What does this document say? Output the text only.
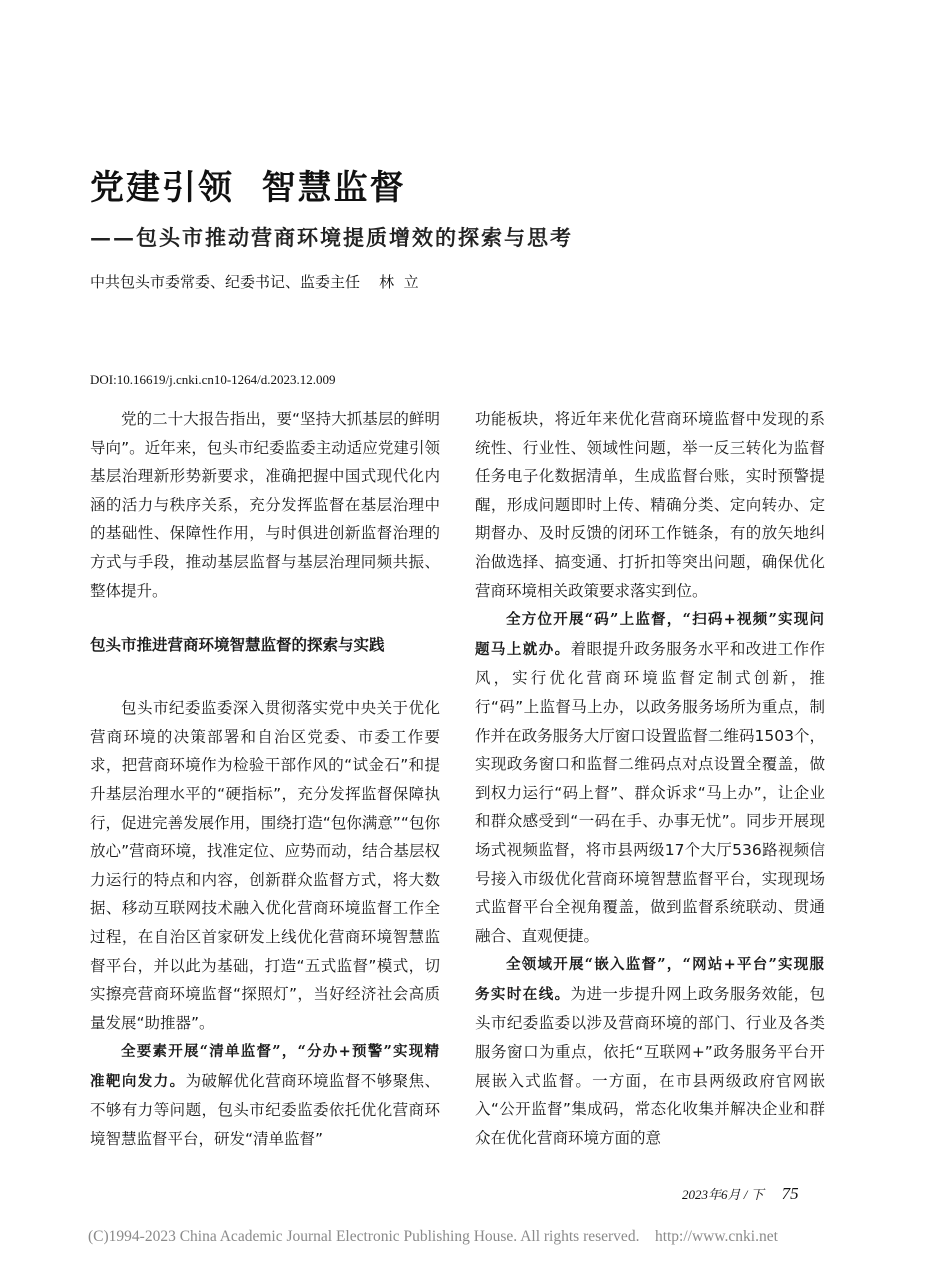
党建引领  智慧监督
——包头市推动营商环境提质增效的探索与思考
中共包头市委常委、纪委书记、监委主任    林  立
DOI:10.16619/j.cnki.cn10-1264/d.2023.12.009

党的二十大报告指出，要“坚持大抓基层的鲜明导向”。近年来，包头市纪委监委主动适应党建引领基层治理新形势新要求，准确把握中国式现代化内涵的活力与秩序关系，充分发挥监督在基层治理中的基础性、保障性作用，与时俱进创新监督治理的方式与手段，推动基层监督与基层治理同频共振、整体提升。

包头市推进营商环境智慧监督的探索与实践

包头市纪委监委深入贯彻落实党中央关于优化营商环境的决策部署和自治区党委、市委工作要求，把营商环境作为检验干部作风的“试金石”和提升基层治理水平的“硬指标”，充分发挥监督保障执行，促进完善发展作用，围绕打造“包你满意”“包你放心”营商环境，找准定位、应势而动，结合基层权力运行的特点和内容，创新群众监督方式，将大数据、移动互联网技术融入优化营商环境监督工作全过程，在自治区首家研发上线优化营商环境智慧监督平台，并以此为基础，打造“五式监督”模式，切实擦亮营商环境监督“探照灯”，当好经济社会高质量发展“助推器”。

全要素开展“清单监督”，“分办+预警”实现精准靶向发力。为破解优化营商环境监督不够聚焦、不够有力等问题，包头市纪委监委依托优化营商环境智慧监督平台，研发“清单监督”

功能板块，将近年来优化营商环境监督中发现的系统性、行业性、领域性问题，举一反三转化为监督任务电子化数据清单，生成监督台账，实时预警提醒，形成问题即时上传、精确分类、定向转办、定期督办、及时反馈的闭环工作链条，有的放矢地纠治做选择、搞变通、打折扣等突出问题，确保优化营商环境相关政策要求落实到位。

全方位开展“码”上监督，“扫码+视频”实现问题马上就办。着眼提升政务服务水平和改进工作作风，实行优化营商环境监督定制式创新，推行“码”上监督马上办，以政务服务场所为重点，制作并在政务服务大厅窗口设置监督二维码1503个，实现政务窗口和监督二维码点对点设置全覆盖，做到权力运行“码上督”、群众诉求“马上办”，让企业和群众感受到“一码在手、办事无忧”。同步开展现场式视频监督，将市县两级17个大厅536路视频信号接入市级优化营商环境智慧监督平台，实现现场式监督平台全视角覆盖，做到监督系统联动、贯通融合、直观便捷。

全领域开展“嵌入监督”，“网站+平台”实现服务实时在线。为进一步提升网上政务服务效能，包头市纪委监委以涉及营商环境的部门、行业及各类服务窗口为重点，依托“互联网+”政务服务平台开展嵌入式监督。一方面，在市县两级政府官网嵌入“公开监督”集成码，常态化收集并解决企业和群众在优化营商环境方面的意

2023年6月 / 下 75
(C)1994-2023 China Academic Journal Electronic Publishing House. All rights reserved.    http://www.cnki.net
